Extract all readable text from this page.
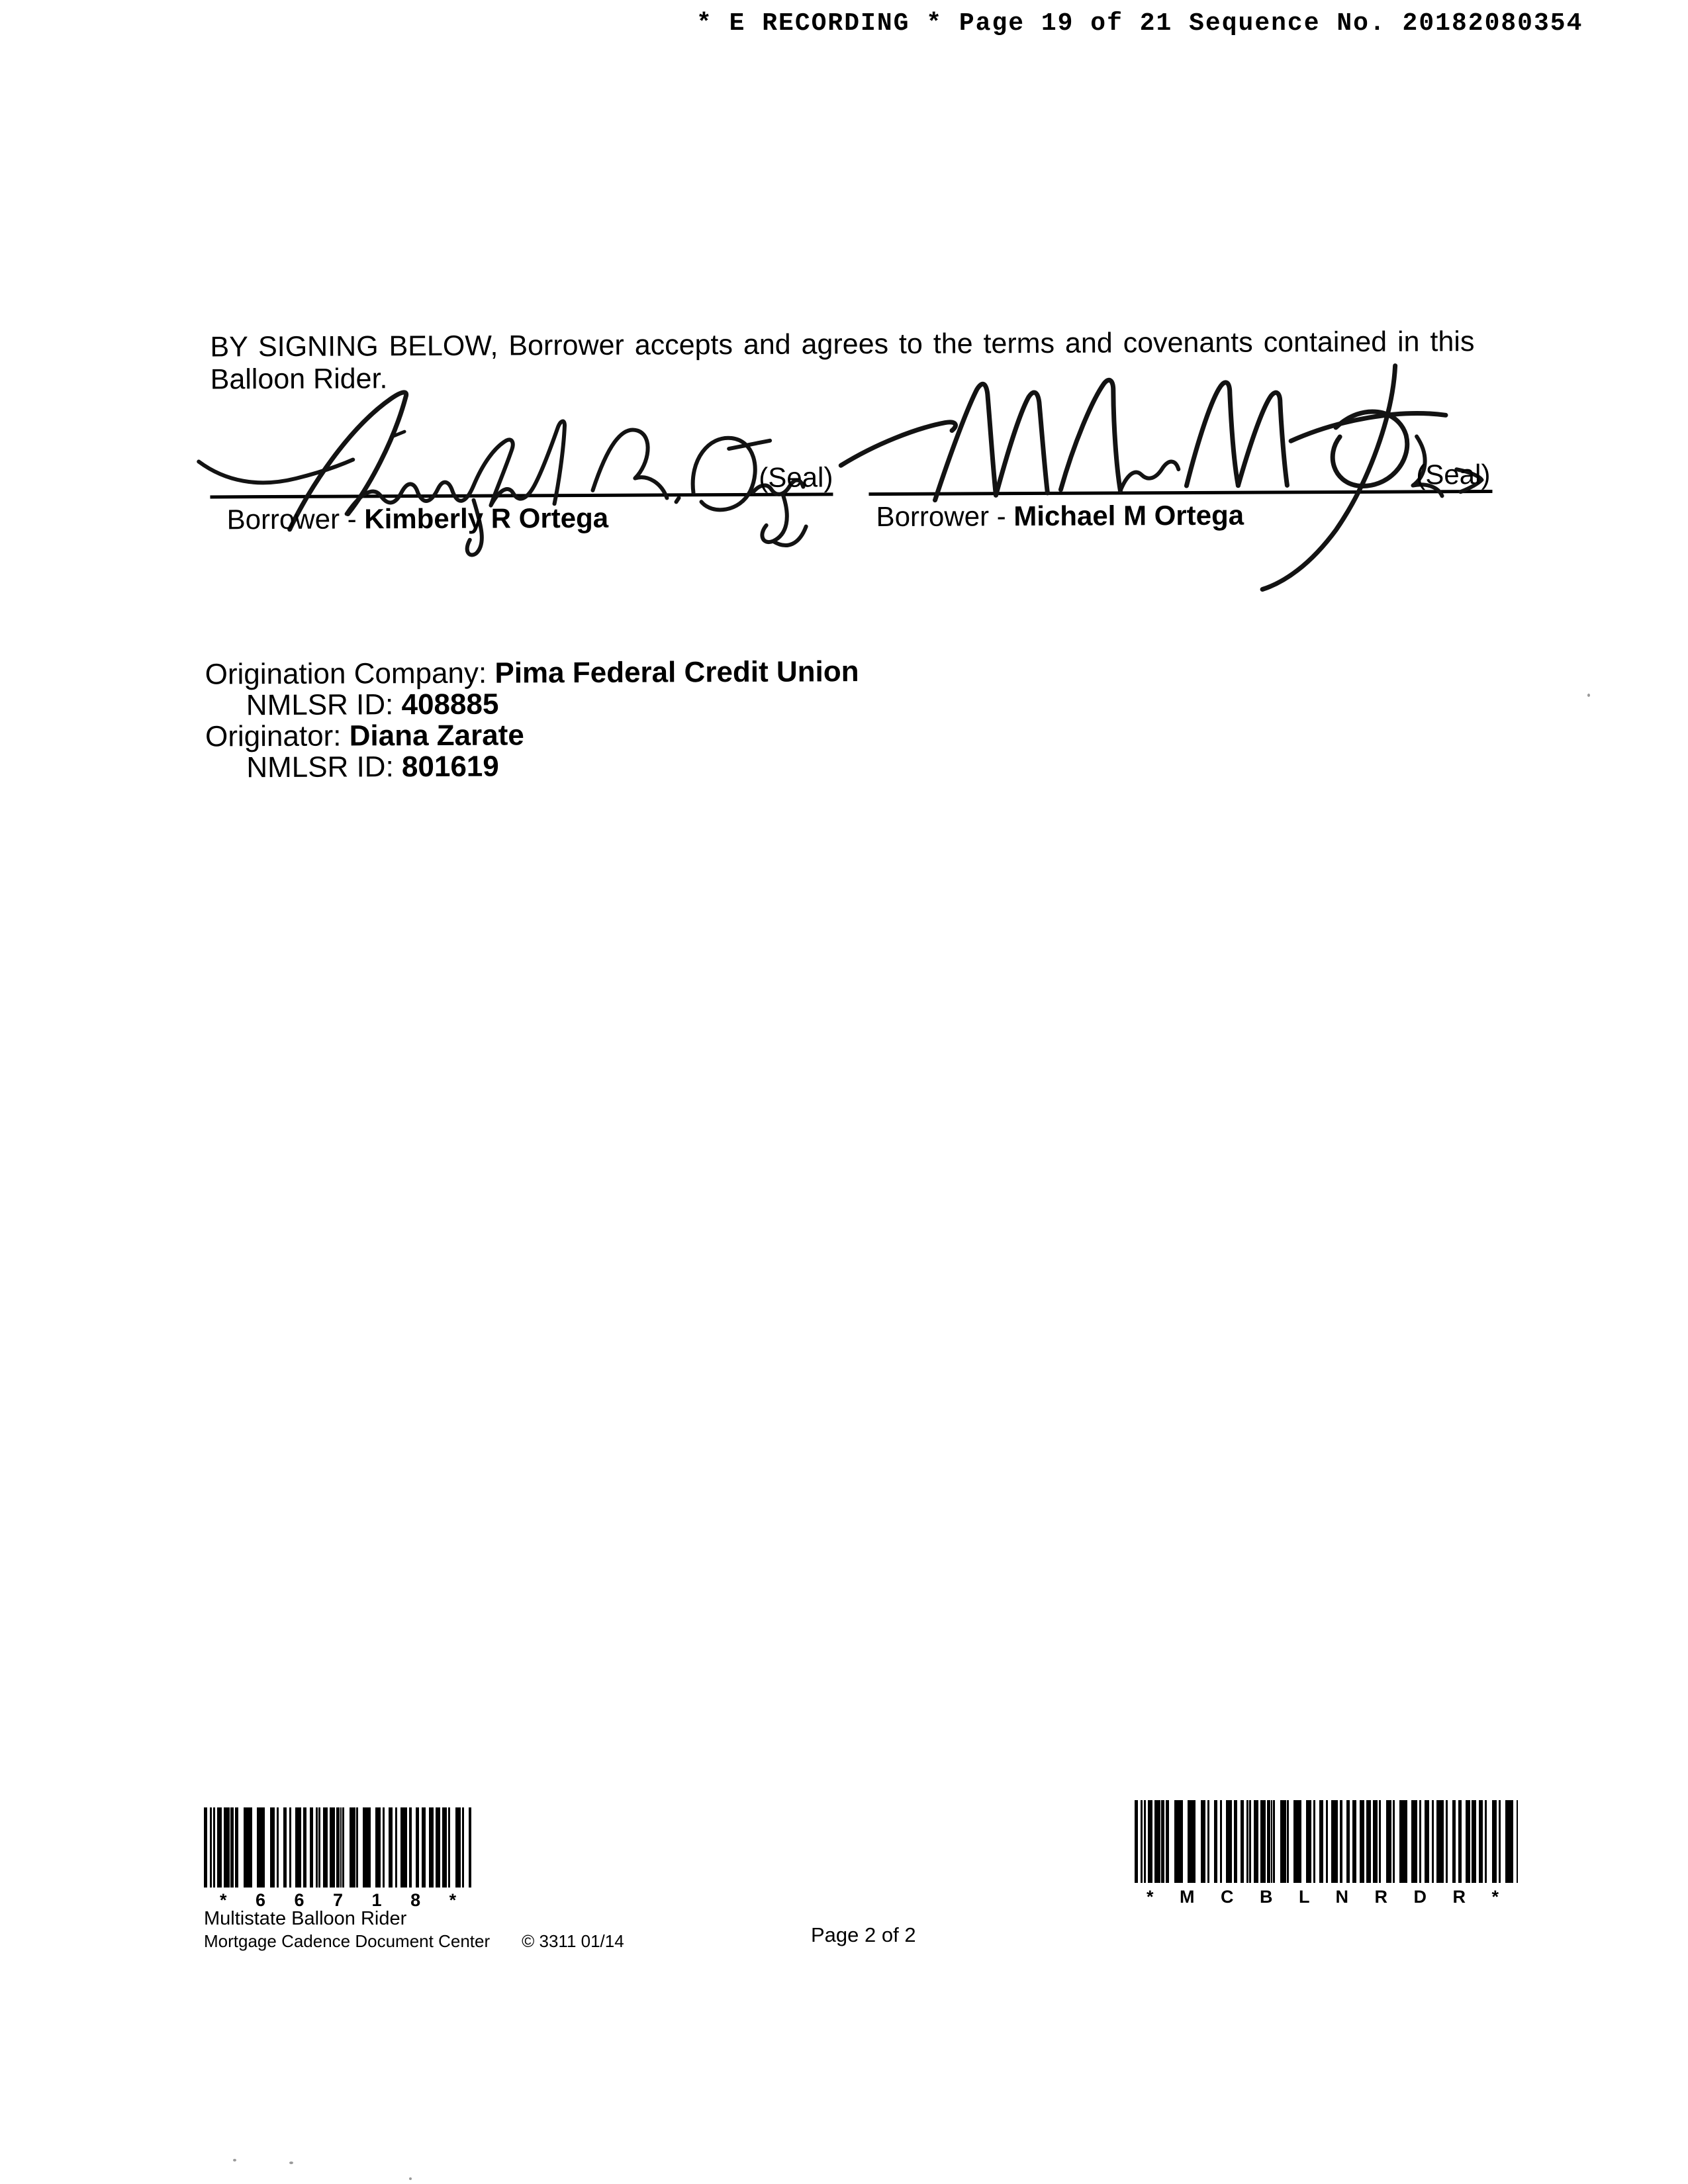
* E RECORDING * Page 19 of 21 Sequence No. 20182080354
BY SIGNING BELOW, Borrower accepts and agrees to the terms and covenants contained in this
Balloon Rider.
(Seal)
Borrower - Kimberly R Ortega
(Seal)
Borrower - Michael M Ortega
Origination Company: Pima Federal Credit Union
NMLSR ID: 408885
Originator: Diana Zarate
NMLSR ID: 801619
* 6 6 7 1 8 *
Multistate Balloon Rider
Mortgage Cadence Document Center © 3311 01/14	Page 2 of 2
* M C B L N R D R *
